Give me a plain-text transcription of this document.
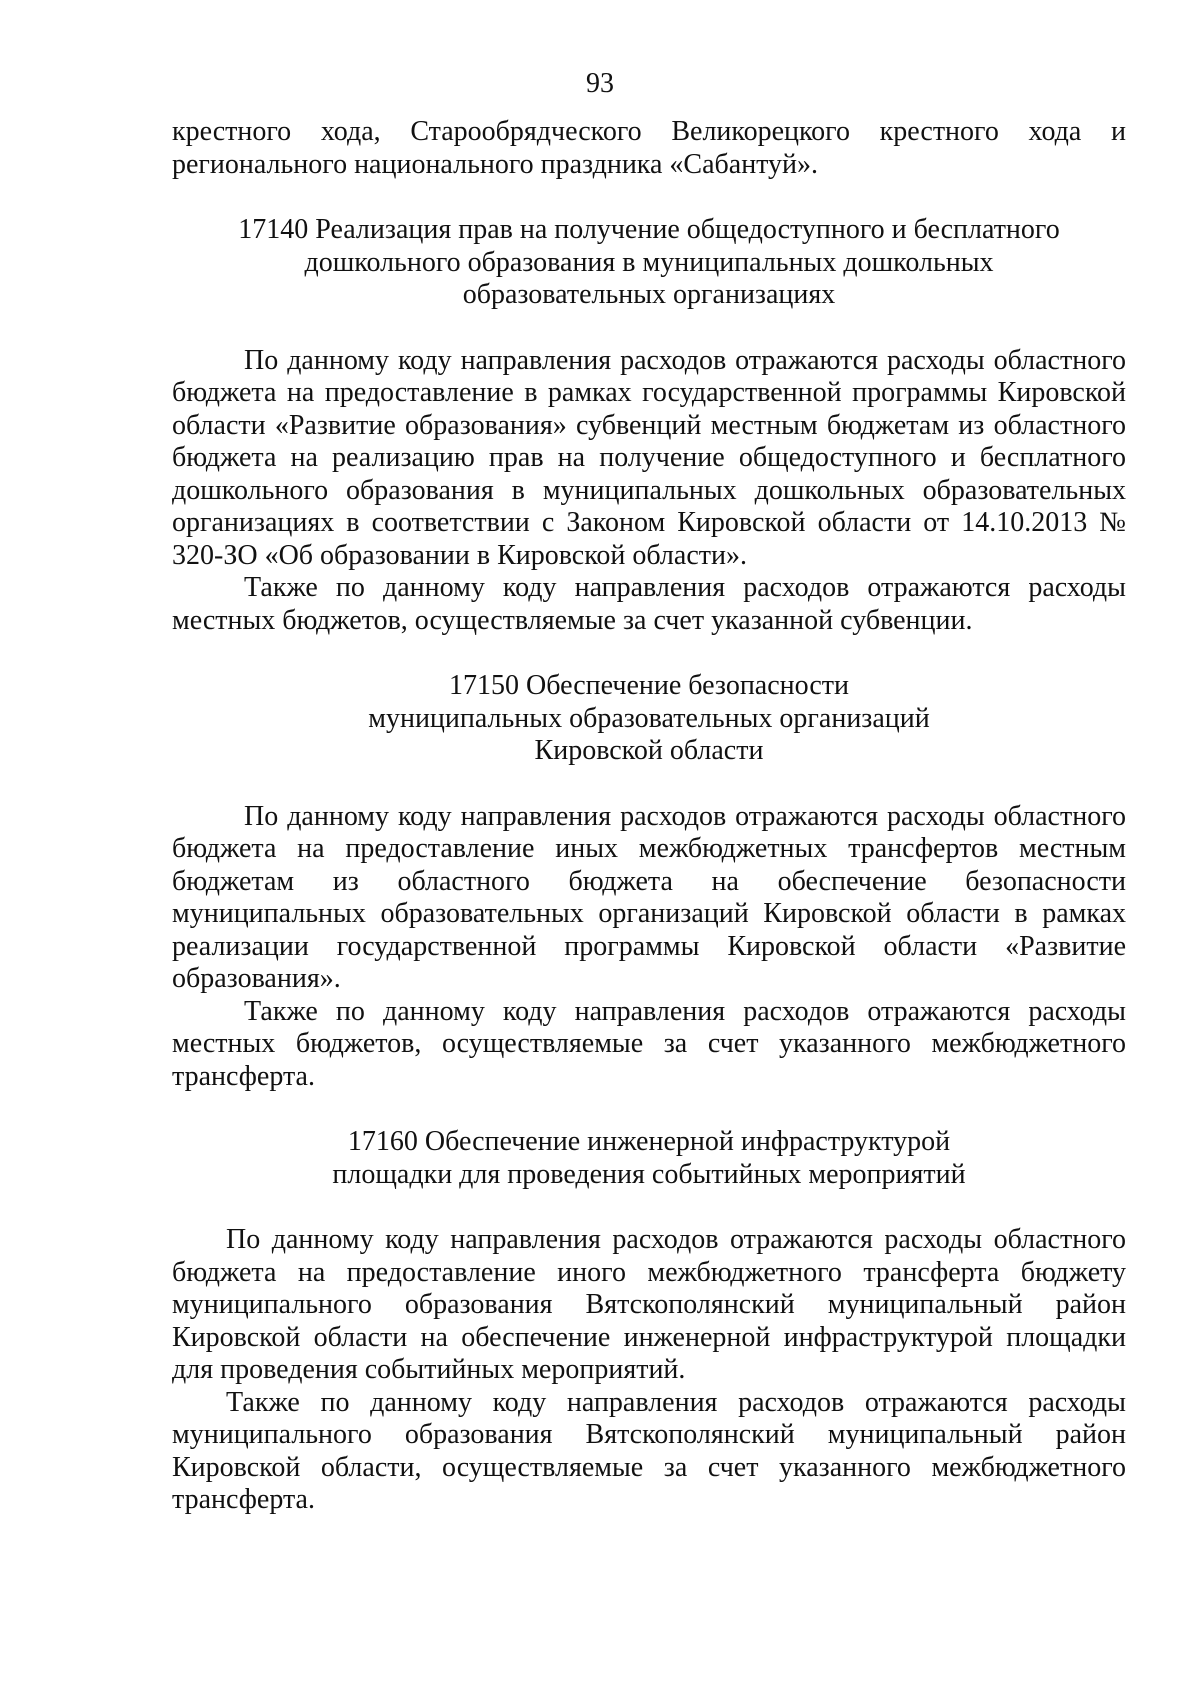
93

крестного хода, Старообрядческого Великорецкого крестного хода и регионального национального праздника «Сабантуй».

17140 Реализация прав на получение общедоступного и бесплатного дошкольного образования в муниципальных дошкольных образовательных организациях

По данному коду направления расходов отражаются расходы областного бюджета на предоставление в рамках государственной программы Кировской области «Развитие образования» субвенций местным бюджетам из областного бюджета на реализацию прав на получение общедоступного и бесплатного дошкольного образования в муниципальных дошкольных образовательных организациях в соответствии с Законом Кировской области от 14.10.2013 № 320-ЗО «Об образовании в Кировской области».

Также по данному коду направления расходов отражаются расходы местных бюджетов, осуществляемые за счет указанной субвенции.

17150 Обеспечение безопасности муниципальных образовательных организаций Кировской области

По данному коду направления расходов отражаются расходы областного бюджета на предоставление иных межбюджетных трансфертов местным бюджетам из областного бюджета на обеспечение безопасности муниципальных образовательных организаций Кировской области в рамках реализации государственной программы Кировской области «Развитие образования».

Также по данному коду направления расходов отражаются расходы местных бюджетов, осуществляемые за счет указанного межбюджетного трансферта.

17160 Обеспечение инженерной инфраструктурой площадки для проведения событийных мероприятий

По данному коду направления расходов отражаются расходы областного бюджета на предоставление иного межбюджетного трансферта бюджету муниципального образования Вятскополянский муниципальный район Кировской области на обеспечение инженерной инфраструктурой площадки для проведения событийных мероприятий.

Также по данному коду направления расходов отражаются расходы муниципального образования Вятскополянский муниципальный район Кировской области, осуществляемые за счет указанного межбюджетного трансферта.
